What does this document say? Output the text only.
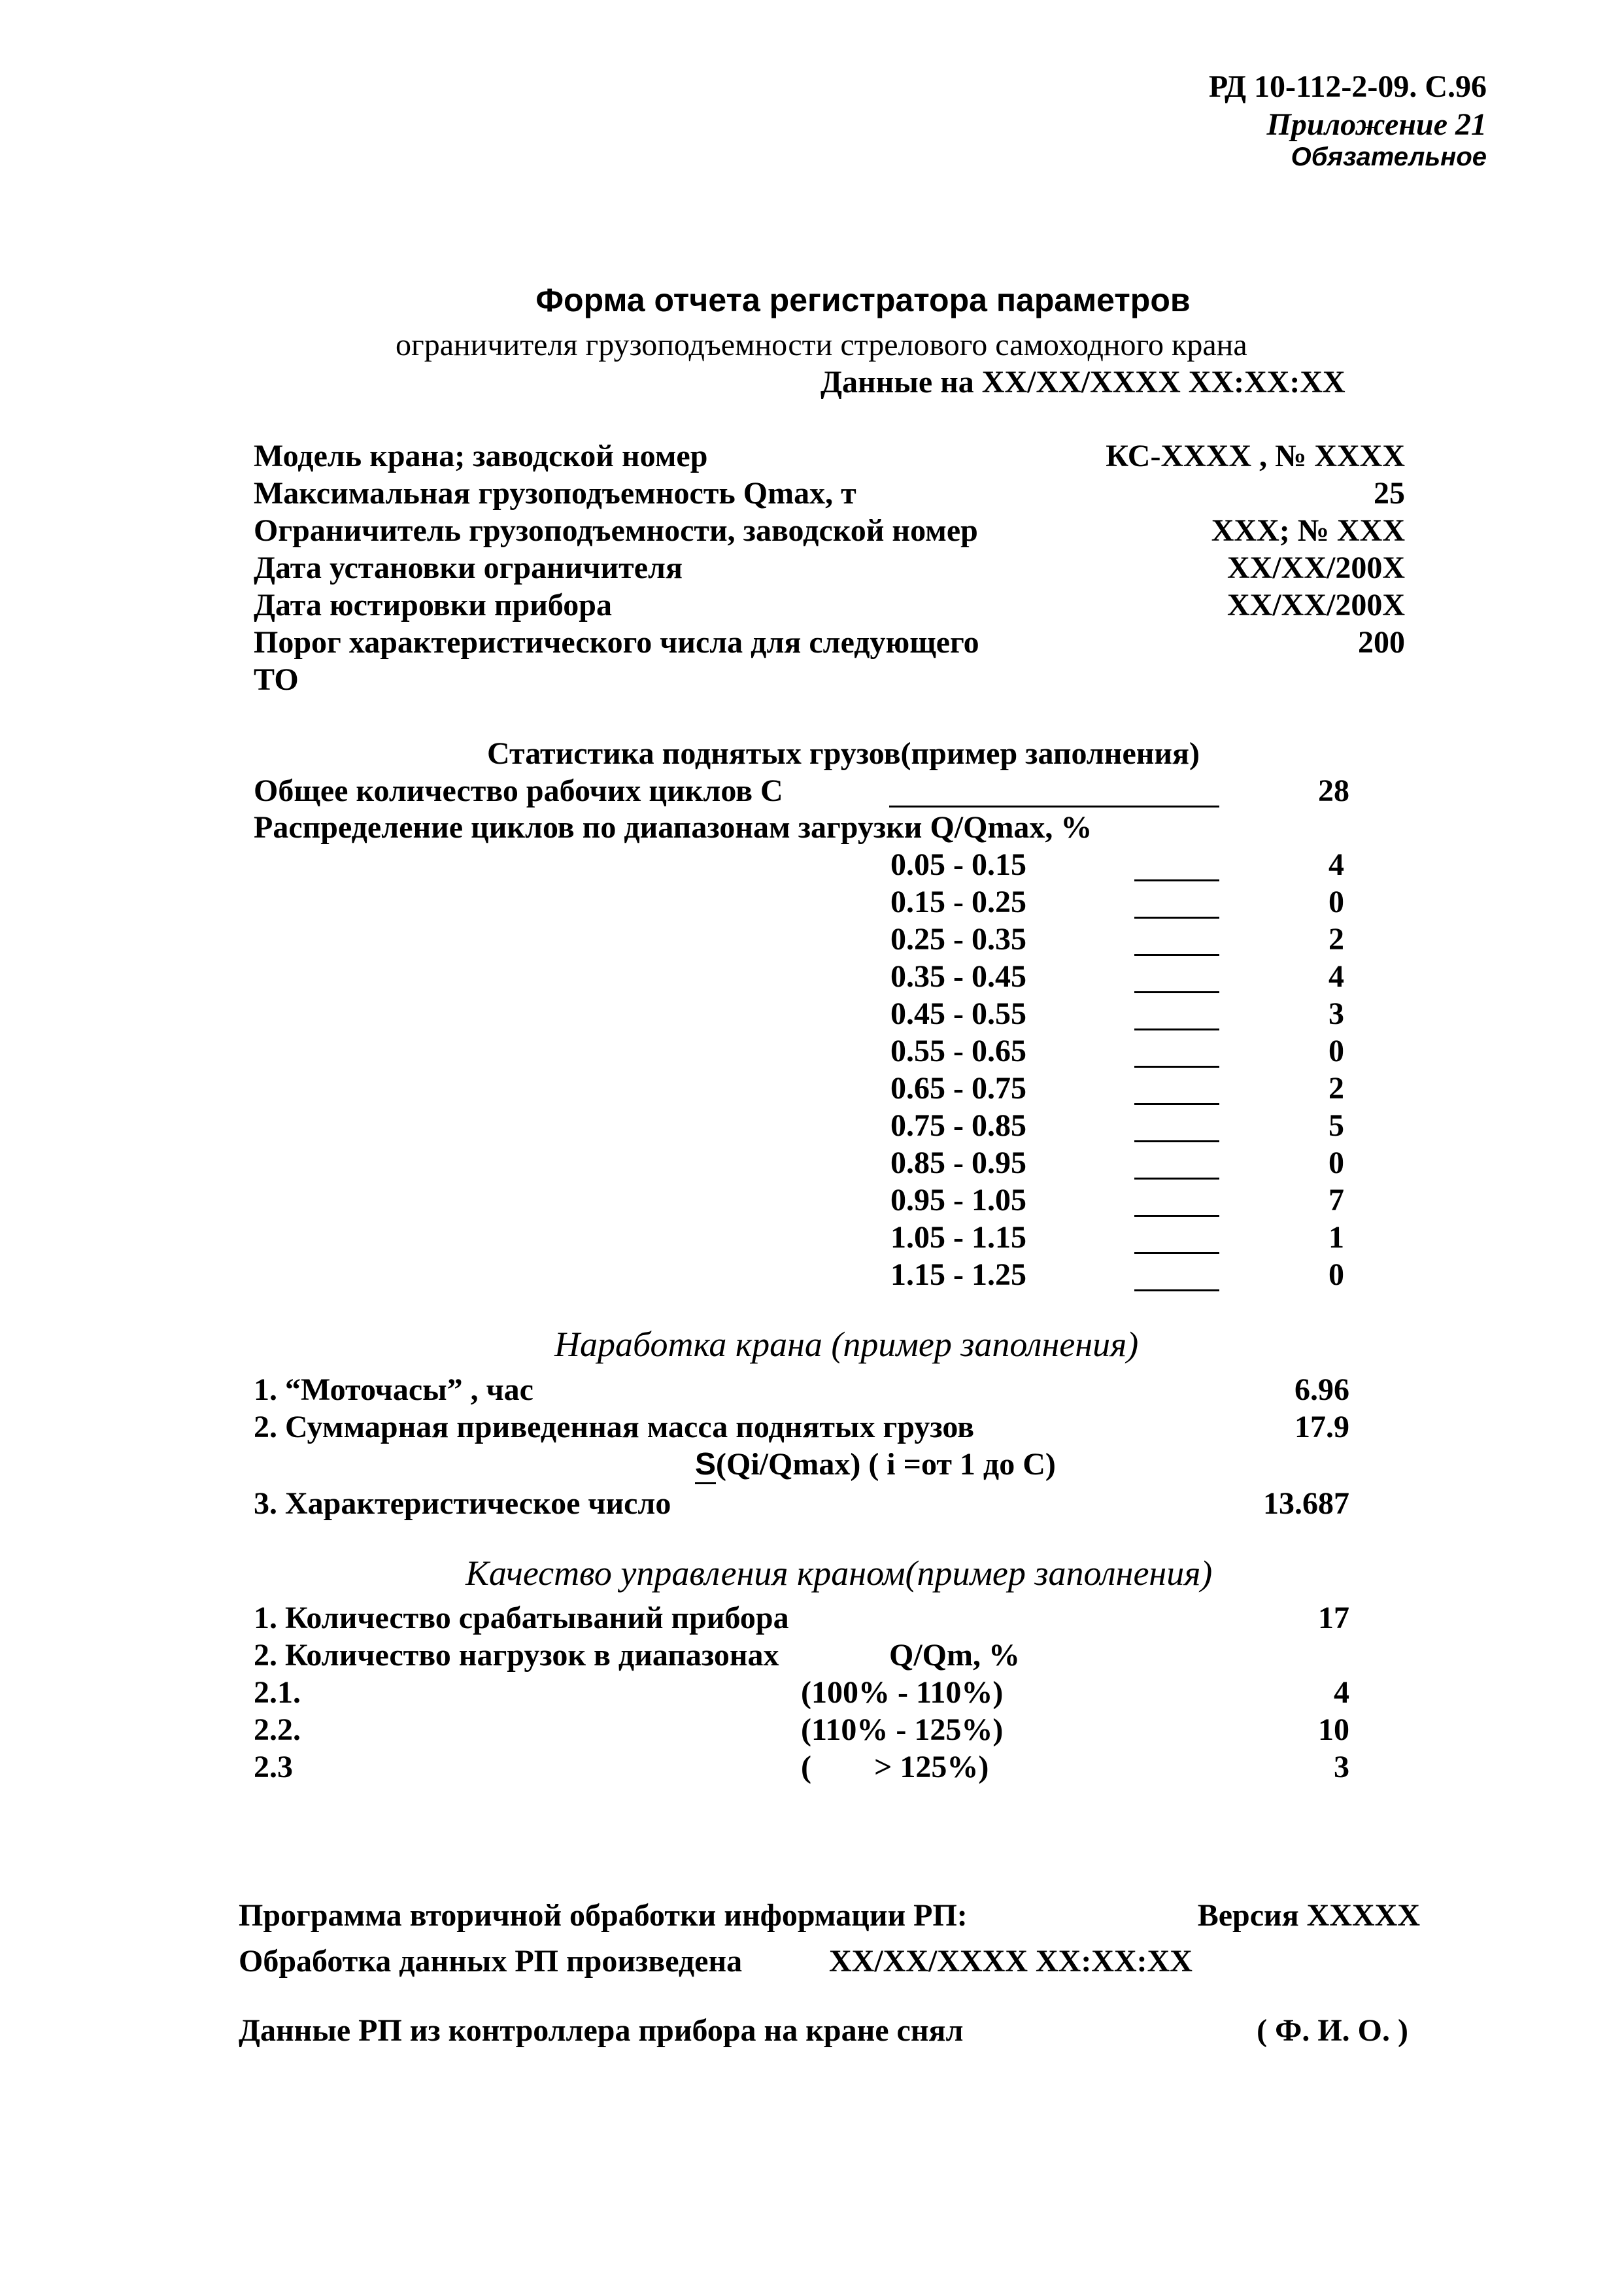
РД 10-112-2-09. С.96
Приложение 21
Обязательное
Форма отчета регистратора параметров
ограничителя грузоподъемности стрелового самоходного крана
Данные на XX/XX/XXXX XX:XX:XX
Модель крана; заводской номер	КС-XXXX , № XXXX
Максимальная грузоподъемность Qmax, т	25
Ограничитель грузоподъемности, заводской номер	XXX; № XXX
Дата установки ограничителя	XX/XX/200X
Дата юстировки прибора	XX/XX/200X
Порог характеристического числа для следующего	200
ТО
Статистика поднятых грузов(пример заполнения)
Общее количество рабочих циклов С	28
Распределение циклов по диапазонам загрузки Q/Qmax, %
0.05 - 0.15	4
0.15 - 0.25	0
0.25 - 0.35	2
0.35 - 0.45	4
0.45 - 0.55	3
0.55 - 0.65	0
0.65 - 0.75	2
0.75 - 0.85	5
0.85 - 0.95	0
0.95 - 1.05	7
1.05 - 1.15	1
1.15 - 1.25	0
Наработка крана (пример заполнения)
1. “Моточасы” , час	6.96
2. Суммарная приведенная масса поднятых грузов	17.9
S(Qi/Qmax) ( i =от 1 до С)
3. Характеристическое число	13.687
Качество управления краном(пример заполнения)
1. Количество срабатываний прибора	17
2. Количество нагрузок в диапазонах	Q/Qm, %
2.1.	(100% - 110%)	4
2.2.	(110% - 125%)	10
2.3	(        > 125%)	3
Программа вторичной обработки информации РП:	Версия XXXXX
Обработка данных РП произведена	XX/XX/XXXX XX:XX:XX
Данные РП из контроллера прибора на кране снял	( Ф. И. О. )
